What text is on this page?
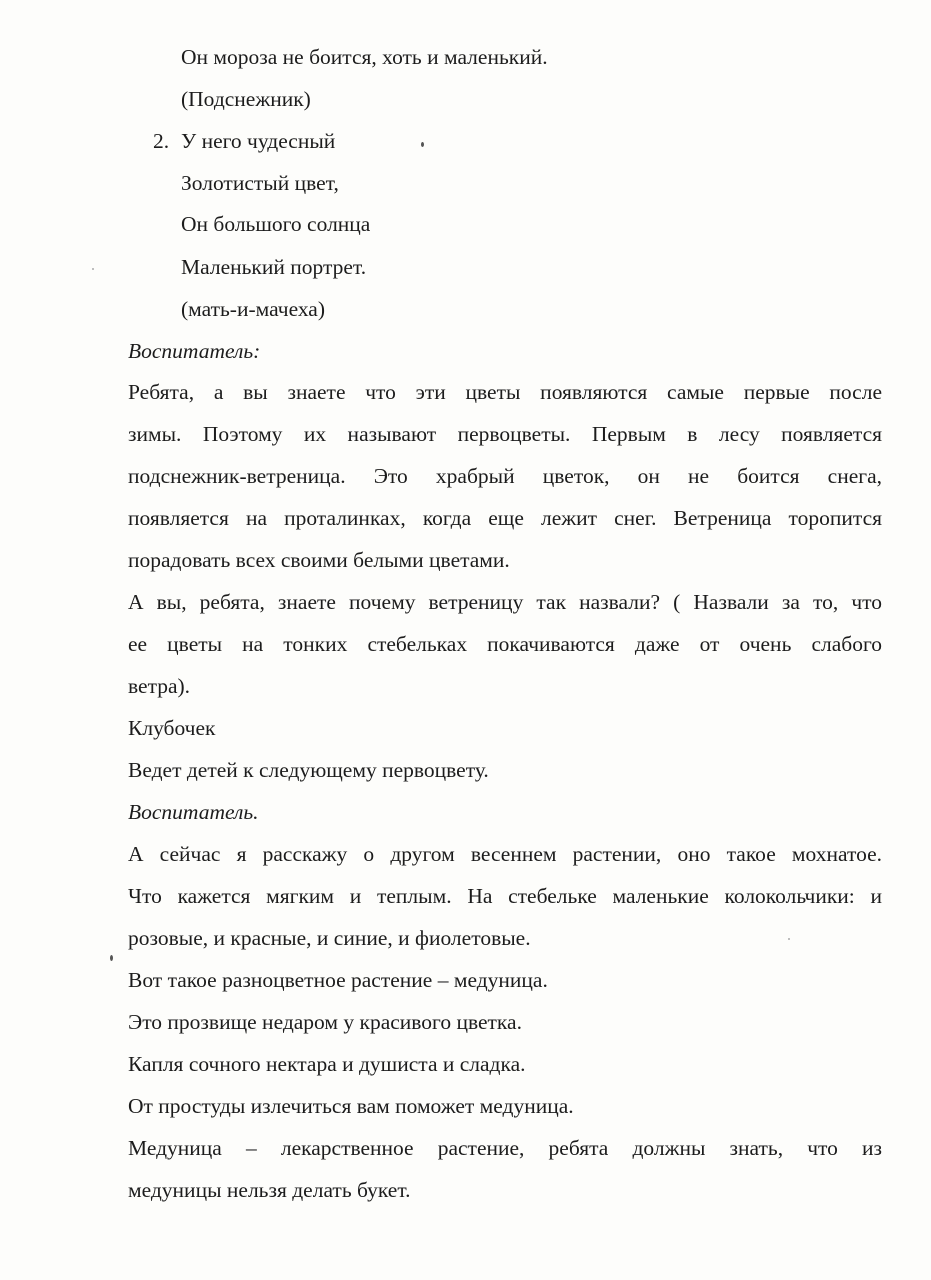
Он мороза не боится, хоть и маленький.
(Подснежник)
2. У него чудесный
Золотистый цвет,
Он большого солнца
Маленький портрет.
(мать-и-мачеха)
Воспитатель:
Ребята, а вы знаете что эти цветы появляются самые первые после
зимы. Поэтому их называют первоцветы. Первым в лесу появляется
подснежник-ветреница. Это храбрый цветок, он не боится снега,
появляется на проталинках, когда еще лежит снег. Ветреница торопится
порадовать всех своими белыми цветами.
А вы, ребята, знаете почему ветреницу так назвали? ( Назвали за то, что
ее цветы на тонких стебельках покачиваются даже от очень слабого
ветра).
Клубочек
Ведет детей к следующему первоцвету.
Воспитатель.
А сейчас я расскажу о другом весеннем растении, оно такое мохнатое.
Что кажется мягким и теплым. На стебельке маленькие колокольчики: и
розовые, и красные, и синие, и фиолетовые.
Вот такое разноцветное растение – медуница.
Это прозвище недаром у красивого цветка.
Капля сочного нектара и душиста и сладка.
От простуды излечиться вам поможет медуница.
Медуница – лекарственное растение, ребята должны знать, что из
медуницы нельзя делать букет.
